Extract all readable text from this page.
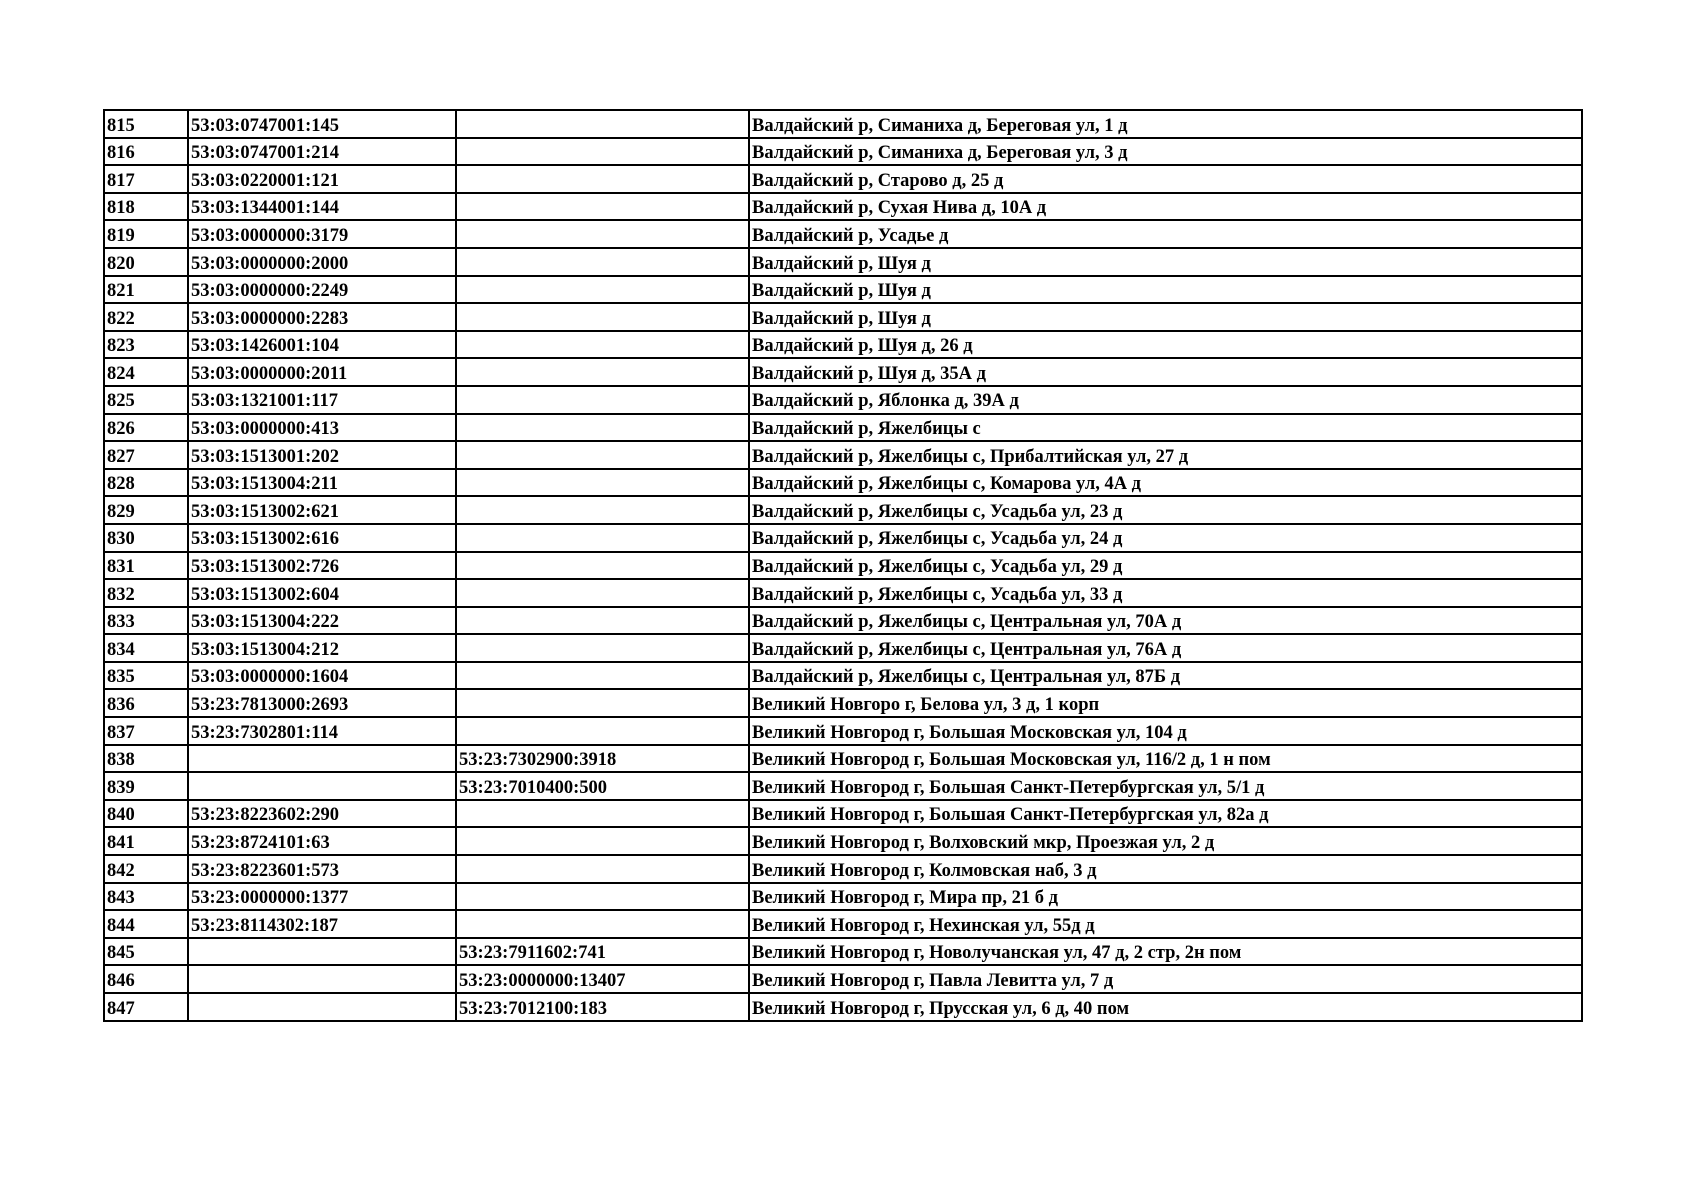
815	53:03:0747001:145		Валдайский р, Симаниха д, Береговая ул, 1 д
816	53:03:0747001:214		Валдайский р, Симаниха д, Береговая ул, 3 д
817	53:03:0220001:121		Валдайский р, Старово д, 25 д
818	53:03:1344001:144		Валдайский р, Сухая Нива д, 10А д
819	53:03:0000000:3179		Валдайский р, Усадье д
820	53:03:0000000:2000		Валдайский р, Шуя д
821	53:03:0000000:2249		Валдайский р, Шуя д
822	53:03:0000000:2283		Валдайский р, Шуя д
823	53:03:1426001:104		Валдайский р, Шуя д, 26 д
824	53:03:0000000:2011		Валдайский р, Шуя д, 35А д
825	53:03:1321001:117		Валдайский р, Яблонка д, 39А д
826	53:03:0000000:413		Валдайский р, Яжелбицы с
827	53:03:1513001:202		Валдайский р, Яжелбицы с, Прибалтийская ул, 27 д
828	53:03:1513004:211		Валдайский р, Яжелбицы с, Комарова ул, 4А д
829	53:03:1513002:621		Валдайский р, Яжелбицы с, Усадьба ул, 23 д
830	53:03:1513002:616		Валдайский р, Яжелбицы с, Усадьба ул, 24 д
831	53:03:1513002:726		Валдайский р, Яжелбицы с, Усадьба ул, 29 д
832	53:03:1513002:604		Валдайский р, Яжелбицы с, Усадьба ул, 33 д
833	53:03:1513004:222		Валдайский р, Яжелбицы с, Центральная ул, 70А д
834	53:03:1513004:212		Валдайский р, Яжелбицы с, Центральная ул, 76А д
835	53:03:0000000:1604		Валдайский р, Яжелбицы с, Центральная ул, 87Б д
836	53:23:7813000:2693		Великий Новгоро г, Белова ул, 3 д, 1 корп
837	53:23:7302801:114		Великий Новгород г, Большая Московская ул, 104 д
838		53:23:7302900:3918	Великий Новгород г, Большая Московская ул, 116/2 д, 1 н пом
839		53:23:7010400:500	Великий Новгород г, Большая Санкт-Петербургская ул, 5/1 д
840	53:23:8223602:290		Великий Новгород г, Большая Санкт-Петербургская ул, 82а д
841	53:23:8724101:63		Великий Новгород г, Волховский мкр, Проезжая ул, 2 д
842	53:23:8223601:573		Великий Новгород г, Колмовская наб, 3 д
843	53:23:0000000:1377		Великий Новгород г, Мира пр, 21 б д
844	53:23:8114302:187		Великий Новгород г, Нехинская ул, 55д д
845		53:23:7911602:741	Великий Новгород г, Новолучанская ул, 47 д, 2 стр, 2н пом
846		53:23:0000000:13407	Великий Новгород г, Павла Левитта ул, 7 д
847		53:23:7012100:183	Великий Новгород г, Прусская ул, 6 д, 40 пом
